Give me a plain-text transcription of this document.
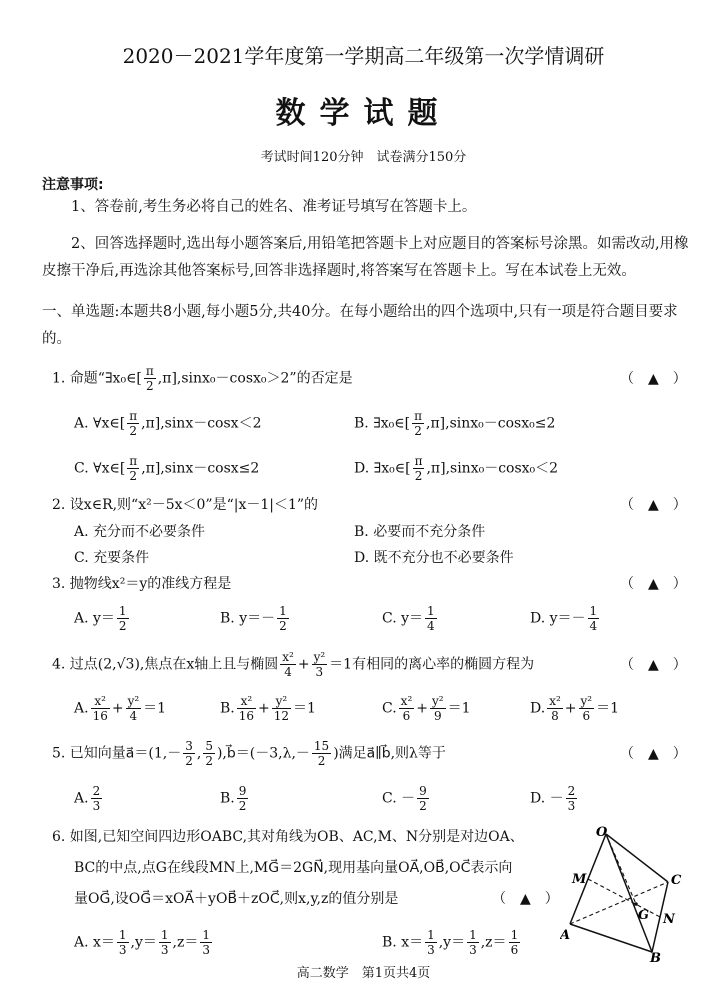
2020－2021学年度第一学期高二年级第一次学情调研
数学试题
考试时间120分钟　试卷满分150分
注意事项:
1、答卷前,考生务必将自己的姓名、准考证号填写在答题卡上。
2、回答选择题时,选出每小题答案后,用铅笔把答题卡上对应题目的答案标号涂黑。如需改动,用橡皮擦干净后,再选涂其他答案标号,回答非选择题时,将答案写在答题卡上。写在本试卷上无效。
一、单选题:本题共8小题,每小题5分,共40分。在每小题给出的四个选项中,只有一项是符合题目要求的。
1. 命题“∃x₀∈[ $\frac{\pi}{2} ,\pi],\sin x_0-\cos x_0>2$”的否定是	（　▲　）
A. ∀x∈[ $\frac{\pi}{2} ,\pi],\sin x-\cos x<2$	B. ∃x₀∈[ $\frac{\pi}{2} ,\pi],\sin x_0-\cos x_0\le 2$
C. ∀x∈[ $\frac{\pi}{2} ,\pi],\sin x-\cos x\le 2$	D. ∃x₀∈[ $\frac{\pi}{2} ,\pi],\sin x_0-\cos x_0<2$
2. 设x∈R,则“x²－5x＜0”是“|x－1|＜1”的	（　▲　）
A. 充分而不必要条件	B. 必要而不充分条件
C. 充要条件	D. 既不充分也不必要条件
3. 抛物线x²＝y的准线方程是	（　▲　）
A. $y= \frac{1}{2}$	B. $y=- \frac{1}{2}$	C. $y= \frac{1}{4}$	D. $y=- \frac{1}{4}$
4. 过点(2,√3),焦点在x轴上且与椭圆 $\frac{\text{x²}}{4} + \frac{\text{y²}}{3} =1$有相同的离心率的椭圆方程为	（　▲　）
A. $\frac{\text{x²}}{16} + \frac{\text{y²}}{4} =1$	B. $\frac{\text{x²}}{16} + \frac{\text{y²}}{12} =1$	C. $\frac{\text{x²}}{6} + \frac{\text{y²}}{9} =1$	D. $\frac{\text{x²}}{8} + \frac{\text{y²}}{6} =1$
5. 已知向量a⃗＝(1,－ $\frac{3}{2}$ , $\frac{5}{2}$ ),b⃗＝(－3,λ,－ $\frac{15}{2}$ )满足a⃗∥b⃗,则λ等于	（　▲　）
A. $\frac{2}{3}$	B. $\frac{9}{2}$	C. － $\frac{9}{2}$	D. － $\frac{2}{3}$
6. 如图,已知空间四边形OABC,其对角线为OB、AC,M、N分别是对边OA、
BC的中点,点G在线段MN上,MG⃗＝2GN⃗,现用基向量OA⃗,OB⃗,OC⃗表示向
量OG⃗,设OG⃗＝xOA⃗＋yOB⃗＋zOC⃗,则x,y,z的值分别是	（　▲　）
A. $x= \frac{1}{3} ,y= \frac{1}{3} ,z= \frac{1}{3}$	B. $x= \frac{1}{3} ,y= \frac{1}{3} ,z= \frac{1}{6}$
O
M	C
G N
A
B
高二数学　第1页共4页
